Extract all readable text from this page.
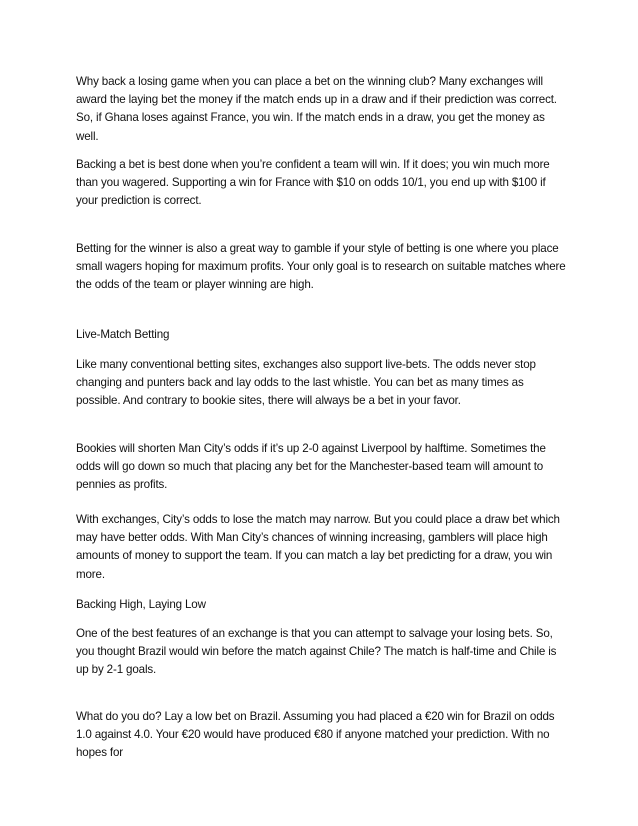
Why back a losing game when you can place a bet on the winning club? Many exchanges will award the laying bet the money if the match ends up in a draw and if their prediction was correct. So, if Ghana loses against France, you win. If the match ends in a draw, you get the money as well.

Backing a bet is best done when you’re confident a team will win. If it does; you win much more than you wagered. Supporting a win for France with $10 on odds 10/1, you end up with $100 if your prediction is correct.

Betting for the winner is also a great way to gamble if your style of betting is one where you place small wagers hoping for maximum profits. Your only goal is to research on suitable matches where the odds of the team or player winning are high.

Live-Match Betting

Like many conventional betting sites, exchanges also support live-bets. The odds never stop changing and punters back and lay odds to the last whistle. You can bet as many times as possible. And contrary to bookie sites, there will always be a bet in your favor.

Bookies will shorten Man City’s odds if it’s up 2-0 against Liverpool by halftime. Sometimes the odds will go down so much that placing any bet for the Manchester-based team will amount to pennies as profits.

With exchanges, City’s odds to lose the match may narrow. But you could place a draw bet which may have better odds. With Man City’s chances of winning increasing, gamblers will place high amounts of money to support the team. If you can match a lay bet predicting for a draw, you win more.

Backing High, Laying Low

One of the best features of an exchange is that you can attempt to salvage your losing bets. So, you thought Brazil would win before the match against Chile? The match is half-time and Chile is up by 2-1 goals.

What do you do? Lay a low bet on Brazil. Assuming you had placed a €20 win for Brazil on odds 1.0 against 4.0. Your €20 would have produced €80 if anyone matched your prediction. With no hopes for
